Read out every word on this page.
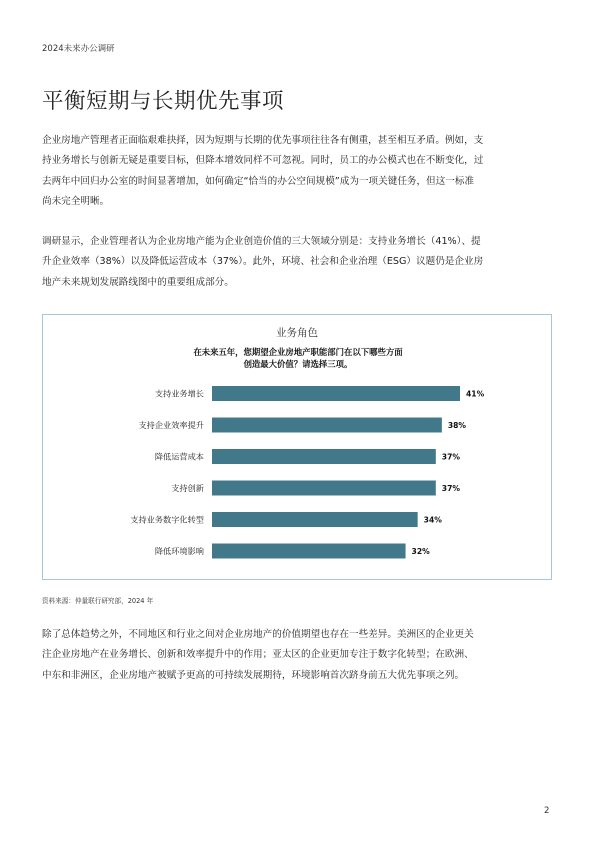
2024未来办公调研
平衡短期与长期优先事项

企业房地产管理者正面临艰难抉择，因为短期与长期的优先事项往往各有侧重，甚至相互矛盾。例如，支
持业务增长与创新无疑是重要目标，但降本增效同样不可忽视。同时，员工的办公模式也在不断变化，过
去两年中回归办公室的时间显著增加，如何确定“恰当的办公空间规模”成为一项关键任务，但这一标准
尚未完全明晰。

调研显示，企业管理者认为企业房地产能为企业创造价值的三大领域分别是：支持业务增长（41%）、提
升企业效率（38%）以及降低运营成本（37%）。此外，环境、社会和企业治理（ESG）议题仍是企业房
地产未来规划发展路线图中的重要组成部分。

业务角色
在未来五年，您期望企业房地产职能部门在以下哪些方面
创造最大价值？请选择三项。
支持业务增长	41%
支持企业效率提升	38%
降低运营成本	37%
支持创新	37%
支持业务数字化转型	34%
降低环境影响	32%
资料来源：仲量联行研究部，2024 年

除了总体趋势之外，不同地区和行业之间对企业房地产的价值期望也存在一些差异。美洲区的企业更关
注企业房地产在业务增长、创新和效率提升中的作用；亚太区的企业更加专注于数字化转型；在欧洲、
中东和非洲区，企业房地产被赋予更高的可持续发展期待，环境影响首次跻身前五大优先事项之列。

2
